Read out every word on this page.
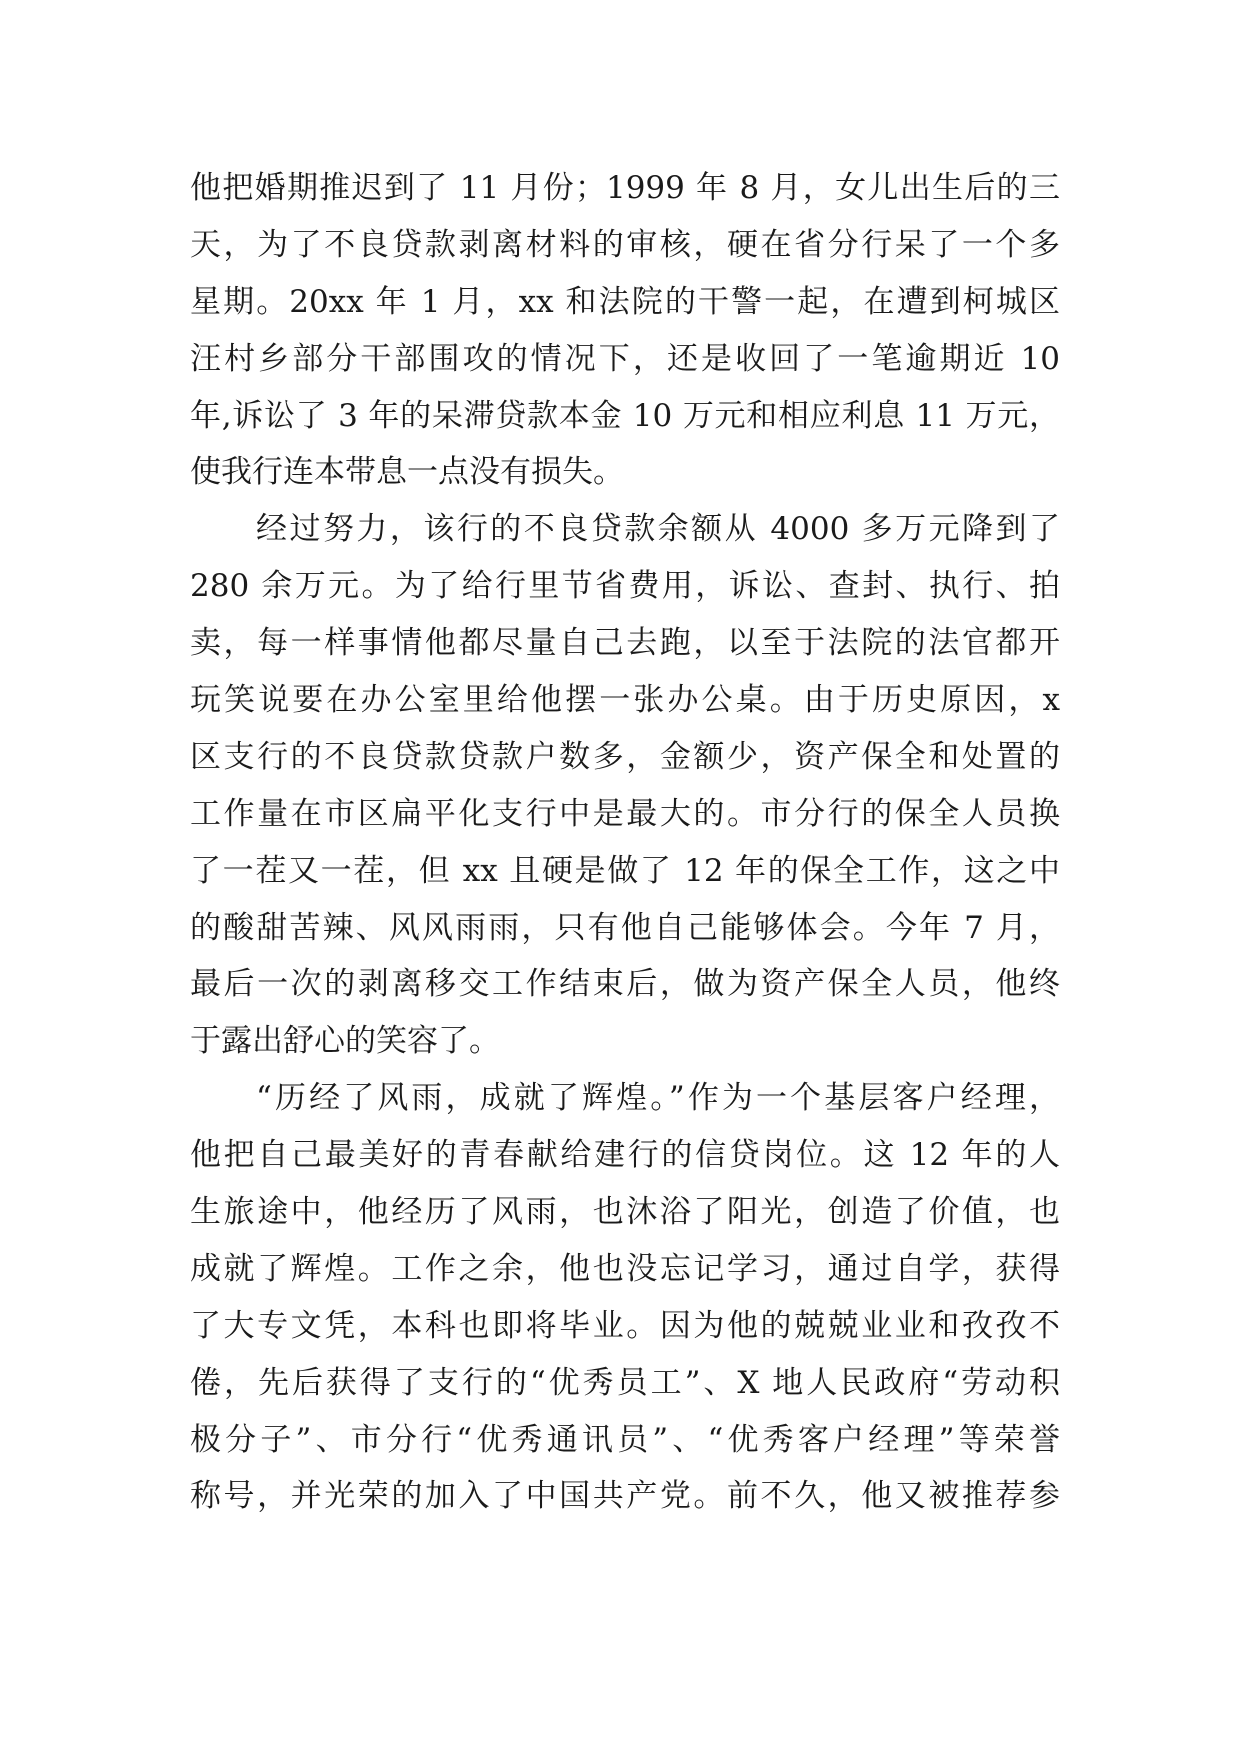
他把婚期推迟到了 11 月份；1999 年 8 月，女儿出生后的三
天，为了不良贷款剥离材料的审核，硬在省分行呆了一个多
星期。20xx 年 1 月，xx 和法院的干警一起，在遭到柯城区
汪村乡部分干部围攻的情况下，还是收回了一笔逾期近 10
年,诉讼了 3 年的呆滞贷款本金 10 万元和相应利息 11 万元，
使我行连本带息一点没有损失。
经过努力，该行的不良贷款余额从 4000 多万元降到了
280 余万元。为了给行里节省费用，诉讼、查封、执行、拍
卖，每一样事情他都尽量自己去跑，以至于法院的法官都开
玩笑说要在办公室里给他摆一张办公桌。由于历史原因，x
区支行的不良贷款贷款户数多，金额少，资产保全和处置的
工作量在市区扁平化支行中是最大的。市分行的保全人员换
了一茬又一茬，但 xx 且硬是做了 12 年的保全工作，这之中
的酸甜苦辣、风风雨雨，只有他自己能够体会。今年 7 月，
最后一次的剥离移交工作结束后，做为资产保全人员，他终
于露出舒心的笑容了。
“历经了风雨，成就了辉煌。”作为一个基层客户经理，
他把自己最美好的青春献给建行的信贷岗位。这 12 年的人
生旅途中，他经历了风雨，也沐浴了阳光，创造了价值，也
成就了辉煌。工作之余，他也没忘记学习，通过自学，获得
了大专文凭，本科也即将毕业。因为他的兢兢业业和孜孜不
倦，先后获得了支行的“优秀员工”、X 地人民政府“劳动积
极分子”、市分行“优秀通讯员”、“优秀客户经理”等荣誉
称号，并光荣的加入了中国共产党。前不久，他又被推荐参
